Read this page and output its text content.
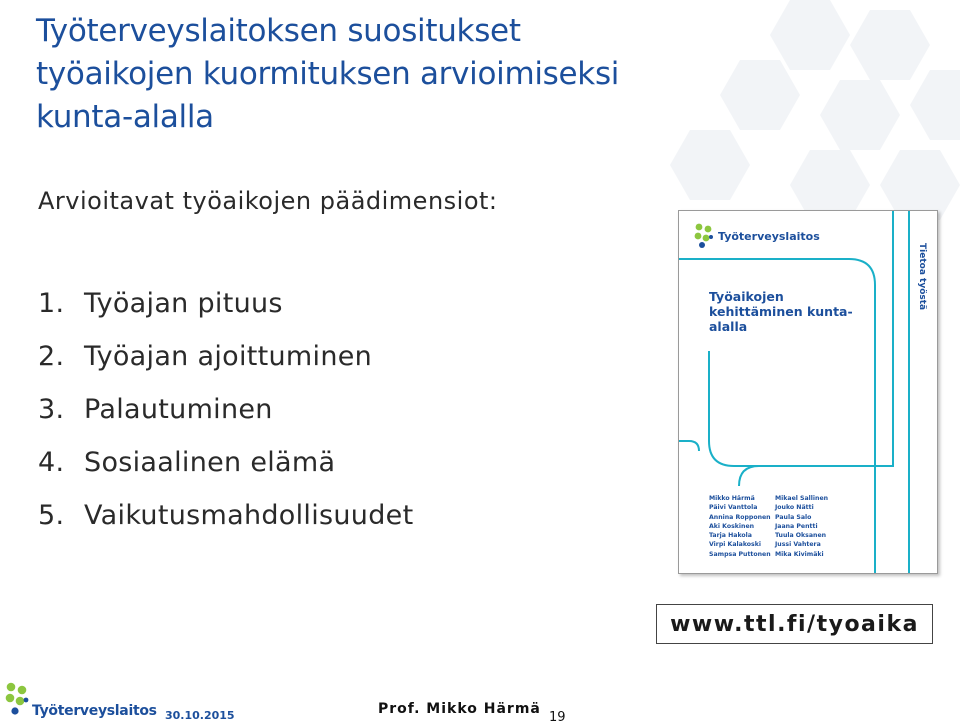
Työterveyslaitoksen suositukset
työaikojen kuormituksen arvioimiseksi
kunta-alalla
Arvioitavat työaikojen päädimensiot:
1. Työajan pituus
2. Työajan ajoittuminen
3. Palautuminen
4. Sosiaalinen elämä
5. Vaikutusmahdollisuudet
Työterveyslaitos
Työaikojen
kehittäminen kunta-
alalla
Tietoa työstä
Mikko Härmä
Päivi Vanttola
Annina Ropponen
Aki Koskinen
Tarja Hakola
Virpi Kalakoski
Sampsa Puttonen
Mikael Sallinen
Jouko Nätti
Paula Salo
Jaana Pentti
Tuula Oksanen
Jussi Vahtera
Mika Kivimäki
www.ttl.fi/tyoaika
Työterveyslaitos 30.10.2015	Prof. Mikko Härmä
19
